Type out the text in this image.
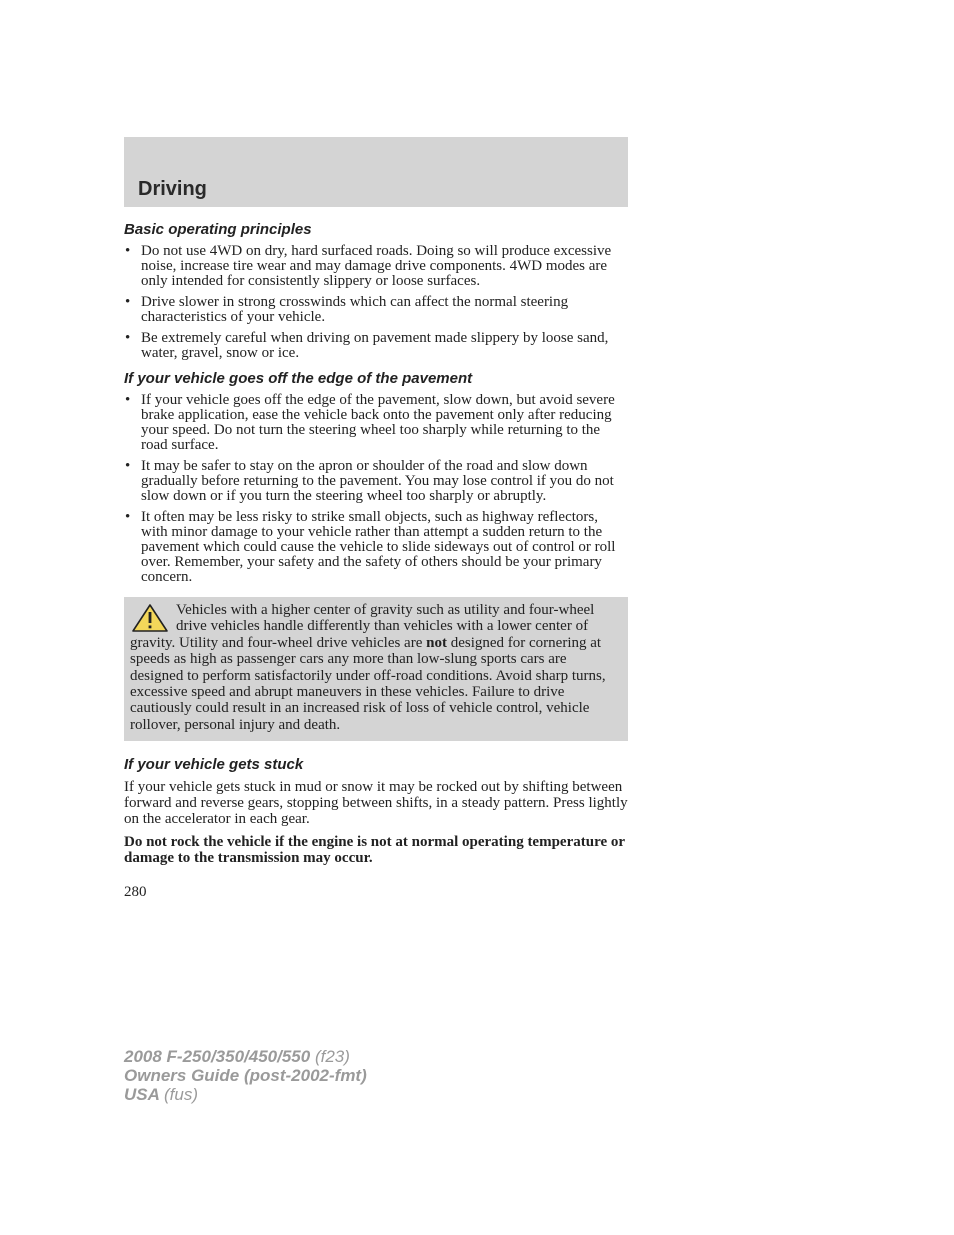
Driving
Basic operating principles
• Do not use 4WD on dry, hard surfaced roads. Doing so will produce excessive noise, increase tire wear and may damage drive components. 4WD modes are only intended for consistently slippery or loose surfaces.
• Drive slower in strong crosswinds which can affect the normal steering characteristics of your vehicle.
• Be extremely careful when driving on pavement made slippery by loose sand, water, gravel, snow or ice.
If your vehicle goes off the edge of the pavement
• If your vehicle goes off the edge of the pavement, slow down, but avoid severe brake application, ease the vehicle back onto the pavement only after reducing your speed. Do not turn the steering wheel too sharply while returning to the road surface.
• It may be safer to stay on the apron or shoulder of the road and slow down gradually before returning to the pavement. You may lose control if you do not slow down or if you turn the steering wheel too sharply or abruptly.
• It often may be less risky to strike small objects, such as highway reflectors, with minor damage to your vehicle rather than attempt a sudden return to the pavement which could cause the vehicle to slide sideways out of control or roll over. Remember, your safety and the safety of others should be your primary concern.
Vehicles with a higher center of gravity such as utility and four-wheel drive vehicles handle differently than vehicles with a lower center of gravity. Utility and four-wheel drive vehicles are not designed for cornering at speeds as high as passenger cars any more than low-slung sports cars are designed to perform satisfactorily under off-road conditions. Avoid sharp turns, excessive speed and abrupt maneuvers in these vehicles. Failure to drive cautiously could result in an increased risk of loss of vehicle control, vehicle rollover, personal injury and death.
If your vehicle gets stuck

If your vehicle gets stuck in mud or snow it may be rocked out by shifting between forward and reverse gears, stopping between shifts, in a steady pattern. Press lightly on the accelerator in each gear.

Do not rock the vehicle if the engine is not at normal operating temperature or damage to the transmission may occur.

280
2008 F-250/350/450/550 (f23)
Owners Guide (post-2002-fmt)
USA (fus)
